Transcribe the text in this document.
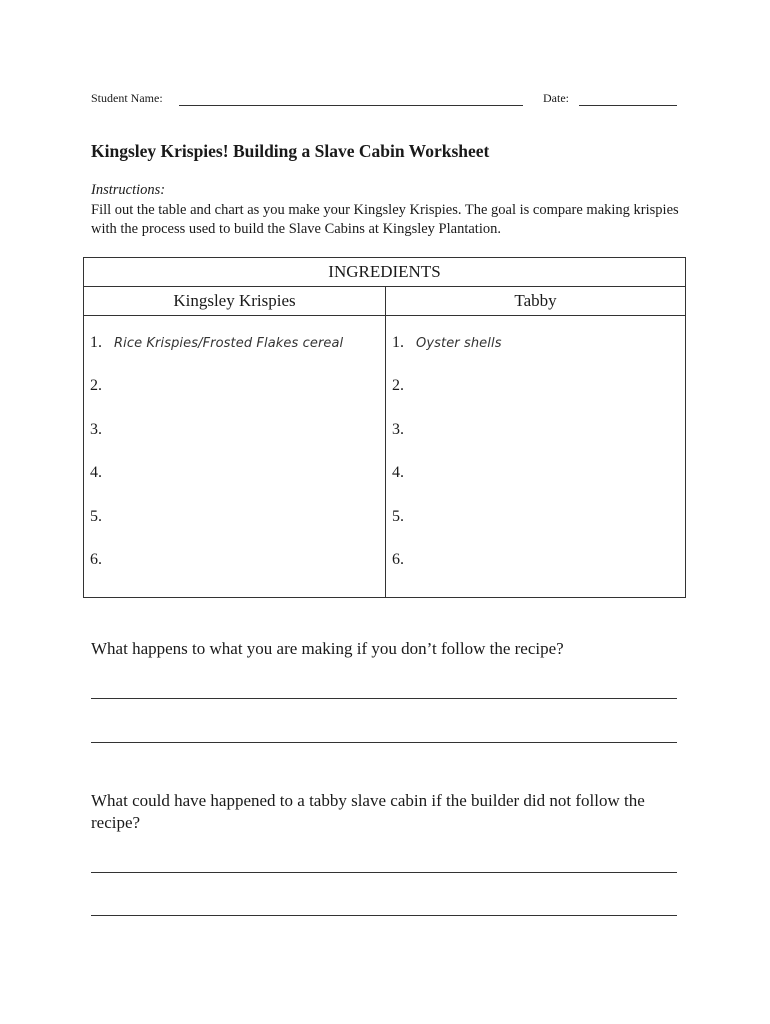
Student Name:	Date:
Kingsley Krispies! Building a Slave Cabin Worksheet
Instructions:
Fill out the table and chart as you make your Kingsley Krispies. The goal is compare making krispies with the process used to build the Slave Cabins at Kingsley Plantation.
INGREDIENTS
Kingsley Krispies	Tabby
1. Rice Krispies/Frosted Flakes cereal
2.
3.
4.
5.
6.
1. Oyster shells
2.
3.
4.
5.
6.

What happens to what you are making if you don’t follow the recipe?

What could have happened to a tabby slave cabin if the builder did not follow the recipe?
